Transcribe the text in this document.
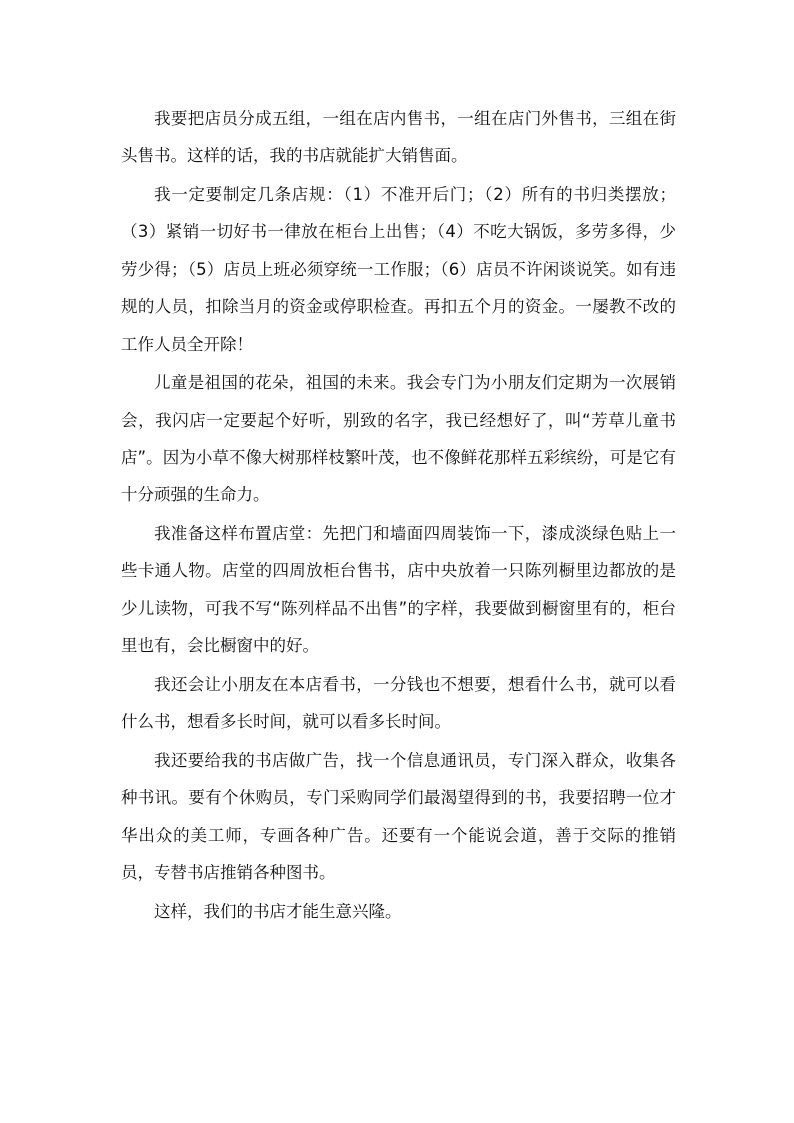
我要把店员分成五组，一组在店内售书，一组在店门外售书，三组在街头售书。这样的话，我的书店就能扩大销售面。

我一定要制定几条店规：（1）不准开后门；（2）所有的书归类摆放；（3）紧销一切好书一律放在柜台上出售；（4）不吃大锅饭，多劳多得，少劳少得；（5）店员上班必须穿统一工作服；（6）店员不许闲谈说笑。如有违规的人员，扣除当月的资金或停职检查。再扣五个月的资金。一屡教不改的工作人员全开除！

儿童是祖国的花朵，祖国的未来。我会专门为小朋友们定期为一次展销会，我闪店一定要起个好听，别致的名字，我已经想好了，叫“芳草儿童书店”。因为小草不像大树那样枝繁叶茂，也不像鲜花那样五彩缤纷，可是它有十分顽强的生命力。

我准备这样布置店堂：先把门和墙面四周装饰一下，漆成淡绿色贴上一些卡通人物。店堂的四周放柜台售书，店中央放着一只陈列橱里边都放的是少儿读物，可我不写“陈列样品不出售”的字样，我要做到橱窗里有的，柜台里也有，会比橱窗中的好。

我还会让小朋友在本店看书，一分钱也不想要，想看什么书，就可以看什么书，想看多长时间，就可以看多长时间。

我还要给我的书店做广告，找一个信息通讯员，专门深入群众，收集各种书讯。要有个休购员，专门采购同学们最渴望得到的书，我要招聘一位才华出众的美工师，专画各种广告。还要有一个能说会道，善于交际的推销员，专替书店推销各种图书。

这样，我们的书店才能生意兴隆。
